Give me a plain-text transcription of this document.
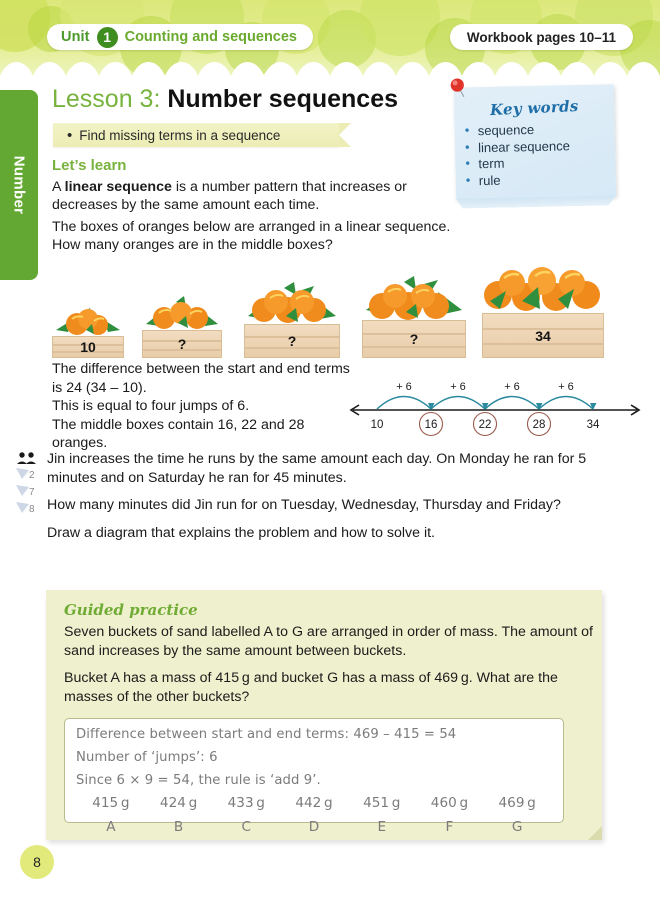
Unit 1 Counting and sequences	Workbook pages 10–11
Number
Lesson 3: Number sequences
• Find missing terms in a sequence
Let’s learn
A linear sequence is a number pattern that increases or decreases by the same amount each time.
The boxes of oranges below are arranged in a linear sequence. How many oranges are in the middle boxes?
Key words
• sequence
• linear sequence
• term
• rule
10	?	?	?	34
The difference between the start and end terms is 24 (34 – 10).
This is equal to four jumps of 6.
The middle boxes contain 16, 22 and 28 oranges.
+ 6	+ 6	+ 6	+ 6
10	16	22	28	34
2
7
8

Jin increases the time he runs by the same amount each day. On Monday he ran for 5 minutes and on Saturday he ran for 45 minutes.

How many minutes did Jin run for on Tuesday, Wednesday, Thursday and Friday?

Draw a diagram that explains the problem and how to solve it.

Guided practice

Seven buckets of sand labelled A to G are arranged in order of mass. The amount of sand increases by the same amount between buckets.

Bucket A has a mass of 415 g and bucket G has a mass of 469 g. What are the masses of the other buckets?

Difference between start and end terms: 469 – 415 = 54
Number of ‘jumps’: 6
Since 6 × 9 = 54, the rule is ‘add 9’.
415 g	424 g	433 g	442 g	451 g	460 g	469 g
A	B	C	D	E	F	G
8
